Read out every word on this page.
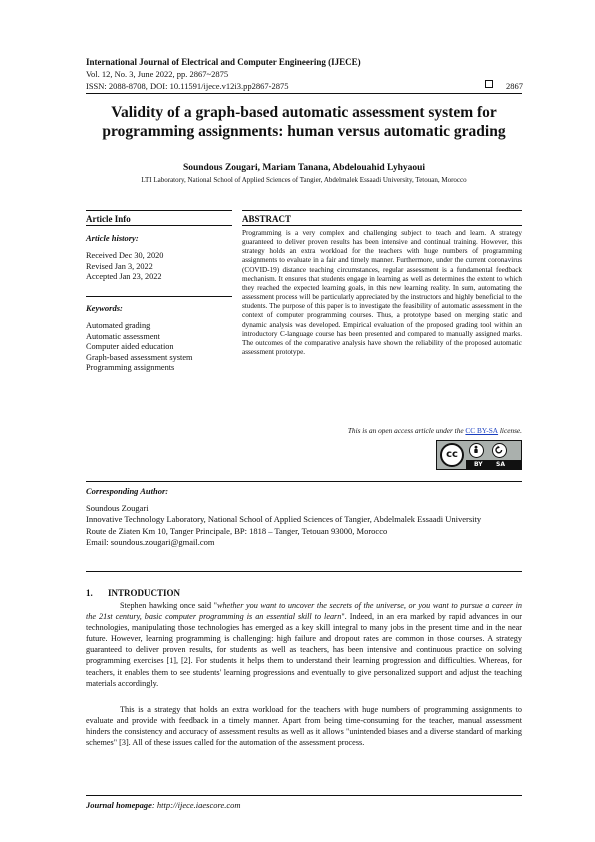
International Journal of Electrical and Computer Engineering (IJECE)
Vol. 12, No. 3, June 2022, pp. 2867~2875
ISSN: 2088-8708, DOI: 10.11591/ijece.v12i3.pp2867-2875	2867
Validity of a graph-based automatic assessment system for programming assignments: human versus automatic grading
Soundous Zougari, Mariam Tanana, Abdelouahid Lyhyaoui
LTI Laboratory, National School of Applied Sciences of Tangier, Abdelmalek Essaadi University, Tetouan, Morocco
Article Info	ABSTRACT
Article history:
Received Dec 30, 2020
Revised Jan 3, 2022
Accepted Jan 23, 2022
Keywords:
Automated grading
Automatic assessment
Computer aided education
Graph-based assessment system
Programming assignments
Programming is a very complex and challenging subject to teach and learn. A strategy guaranteed to deliver proven results has been intensive and continual training. However, this strategy holds an extra workload for the teachers with huge numbers of programming assignments to evaluate in a fair and timely manner. Furthermore, under the current coronavirus (COVID-19) distance teaching circumstances, regular assessment is a fundamental feedback mechanism. It ensures that students engage in learning as well as determines the extent to which they reached the expected learning goals, in this new learning reality. In sum, automating the assessment process will be particularly appreciated by the instructors and highly beneficial to the students. The purpose of this paper is to investigate the feasibility of automatic assessment in the context of computer programming courses. Thus, a prototype based on merging static and dynamic analysis was developed. Empirical evaluation of the proposed grading tool within an introductory C-language course has been presented and compared to manually assigned marks. The outcomes of the comparative analysis have shown the reliability of the proposed automatic assessment prototype.
This is an open access article under the CC BY-SA license.
cc
BY SA
Corresponding Author:
Soundous Zougari
Innovative Technology Laboratory, National School of Applied Sciences of Tangier, Abdelmalek Essaadi University
Route de Ziaten Km 10, Tanger Principale, BP: 1818 – Tanger, Tetouan 93000, Morocco
Email: soundous.zougari@gmail.com
1. INTRODUCTION
Stephen hawking once said "whether you want to uncover the secrets of the universe, or you want to pursue a career in the 21st century, basic computer programming is an essential skill to learn". Indeed, in an era marked by rapid advances in our technologies, manipulating those technologies has emerged as a key skill integral to many jobs in the present time and in the near future. However, learning programming is challenging: high failure and dropout rates are common in those courses. A strategy guaranteed to deliver proven results, for students as well as teachers, has been intensive and continuous practice on solving programming exercises [1], [2]. For students it helps them to understand their learning progression and difficulties. Whereas, for teachers, it enables them to see students' learning progressions and eventually to give personalized support and adjust the teaching materials accordingly.
This is a strategy that holds an extra workload for the teachers with huge numbers of programming assignments to evaluate and provide with feedback in a timely manner. Apart from being time-consuming for the teacher, manual assessment hinders the consistency and accuracy of assessment results as well as it allows "unintended biases and a diverse standard of marking schemes" [3]. All of these issues called for the automation of the assessment process.
Journal homepage: http://ijece.iaescore.com
